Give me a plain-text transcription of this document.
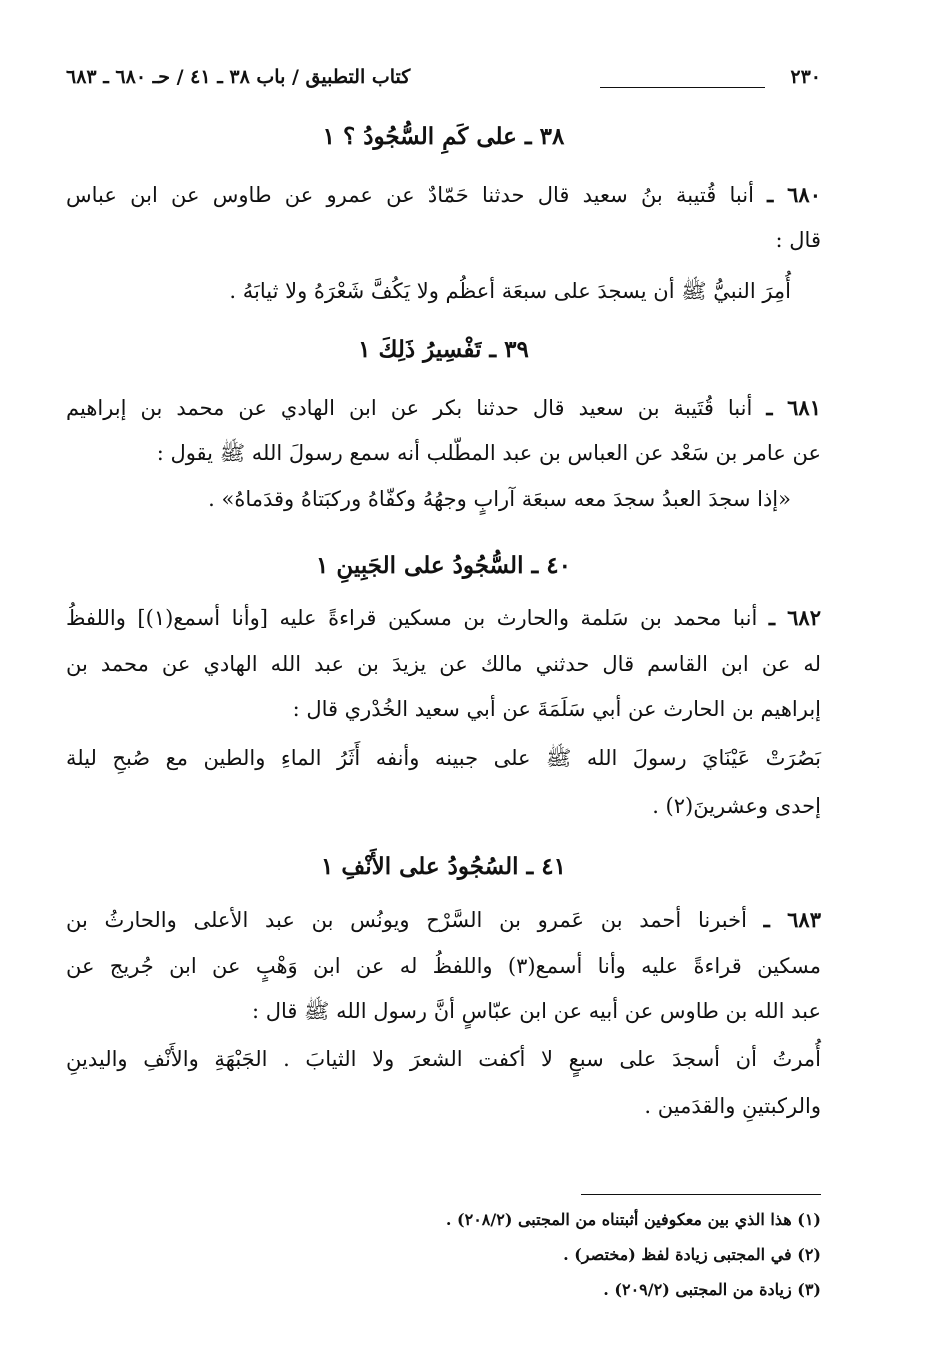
٢٣٠
كتاب التطبيق / باب ٣٨ ـ ٤١ / حـ ٦٨٠ ـ ٦٨٣
٣٨ ـ على كَمِ السُّجُودُ ؟ ١
٦٨٠ ـ أنبا قُتيبة بنُ سعيد قال حدثنا حَمّادٌ عن عمرو عن طاوس عن ابن عباس
قال :
أُمِرَ النبيُّ ﷺ أن يسجدَ على سبعَة أعظُم ولا يَكُفَّ شَعْرَهُ ولا ثيابَهُ .
٣٩ ـ تَفْسِيرُ ذَلِكَ ١
٦٨١ ـ أنبا قُتَيبة بن سعيد قال حدثنا بكر عن ابن الهادي عن محمد بن إبراهيم
عن عامر بن سَعْد عن العباس بن عبد المطّلب أنه سمع رسولَ الله ﷺ يقول :
«إذا سجدَ العبدُ سجدَ معه سبعَة آرابٍ وجهُهُ وكفّاهُ وركبَتاهُ وقدَماهُ» .
٤٠ ـ السُّجُودُ على الجَبِينِ ١
٦٨٢ ـ أنبا محمد بن سَلمة والحارث بن مسكين قراءةً عليه [وأنا أسمع(١)] واللفظُ
له عن ابن القاسم قال حدثني مالك عن يزيدَ بن عبد الله الهادي عن محمد بن
إبراهيم بن الحارث عن أبي سَلَمَةَ عن أبي سعيد الخُدْري قال :
بَصُرَتْ عَيْنَايَ رسولَ الله ﷺ على جبينه وأنفه أَثَرُ الماءِ والطين مع صُبحِ ليلة
إحدى وعشرينَ(٢) .
٤١ ـ السُجُودُ على الأَنْفِ ١
٦٨٣ ـ أخبرنا أحمد بن عَمرو بن السَّرْح ويونُس بن عبد الأعلى والحارثُ بن
مسكين قراءةً عليه وأنا أسمع(٣) واللفظُ له عن ابن وَهْبٍ عن ابن جُريج عن
عبد الله بن طاوس عن أبيه عن ابن عبّاسٍ أنَّ رسول الله ﷺ قال :
أُمرتُ أن أسجدَ على سبعٍ لا أكفت الشعرَ ولا الثيابَ . الجَبْهَةِ والأَنْفِ واليدينِ
والركبتينِ والقدَمين .
(١) هذا الذي بين معكوفين أثبتناه من المجتبى (٢٠٨/٢) .
(٢) في المجتبى زيادة لفظ (مختصر) .
(٣) زيادة من المجتبى (٢٠٩/٢) .
